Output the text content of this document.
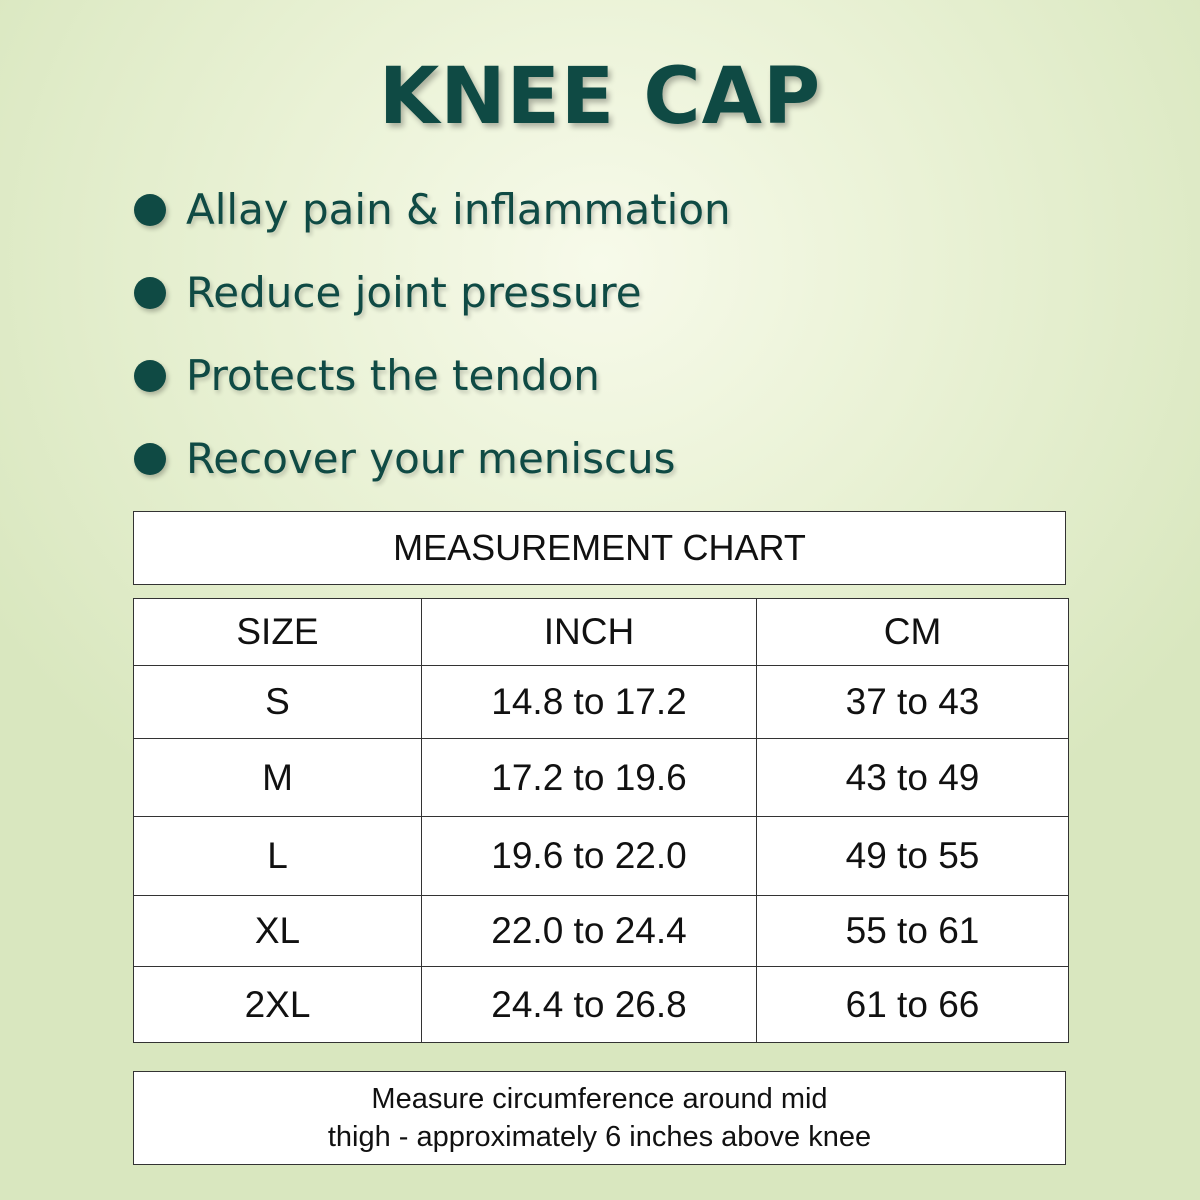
KNEE CAP
Allay pain & inflammation
Reduce joint pressure
Protects the tendon
Recover your meniscus
MEASUREMENT CHART
SIZE	INCH	CM
S	14.8 to 17.2	37 to 43
M	17.2 to 19.6	43 to 49
L	19.6 to 22.0	49 to 55
XL	22.0 to 24.4	55 to 61
2XL	24.4 to 26.8	61 to 66
Measure circumference around mid
thigh - approximately 6 inches above knee
